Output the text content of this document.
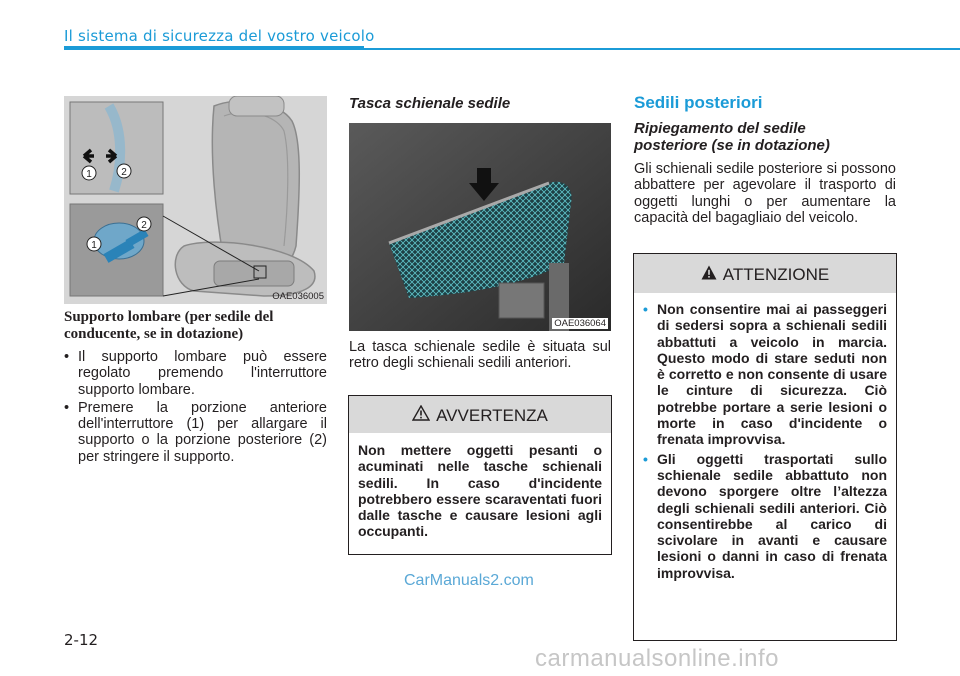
Il sistema di sicurezza del vostro veicolo
1	2
1
2
OAE036005
Supporto lombare (per sedile del conducente, se in dotazione)
• Il supporto lombare può essere regolato premendo l'interruttore supporto lombare.
• Premere la porzione anteriore dell'interruttore (1) per allargare il supporto o la porzione posteriore (2) per stringere il supporto.
Tasca schienale sedile
OAE036064
La tasca schienale sedile è situata sul retro degli schienali sedili anteriori.
AVVERTENZA
Non mettere oggetti pesanti o acuminati nelle tasche schienali sedili. In caso d'incidente potrebbero essere scaraventati fuori dalle tasche e causare lesioni agli occupanti.
Sedili posteriori
Ripiegamento del sedile posteriore (se in dotazione)
Gli schienali sedile posteriore si possono abbattere per agevolare il trasporto di oggetti lunghi o per aumentare la capacità del bagagliaio del veicolo.
ATTENZIONE
• Non consentire mai ai passeggeri di sedersi sopra a schienali sedili abbattuti a veicolo in marcia. Questo modo di stare seduti non è corretto e non consente di usare le cinture di sicurezza. Ciò potrebbe portare a serie lesioni o morte in caso d'incidente o frenata improvvisa.
• Gli oggetti trasportati sullo schienale sedile abbattuto non devono sporgere oltre l’altezza degli schienali sedili anteriori. Ciò consentirebbe al carico di scivolare in avanti e causare lesioni o danni in caso di frenata improvvisa.
CarManuals2.com
2-12
carmanualsonline.info
